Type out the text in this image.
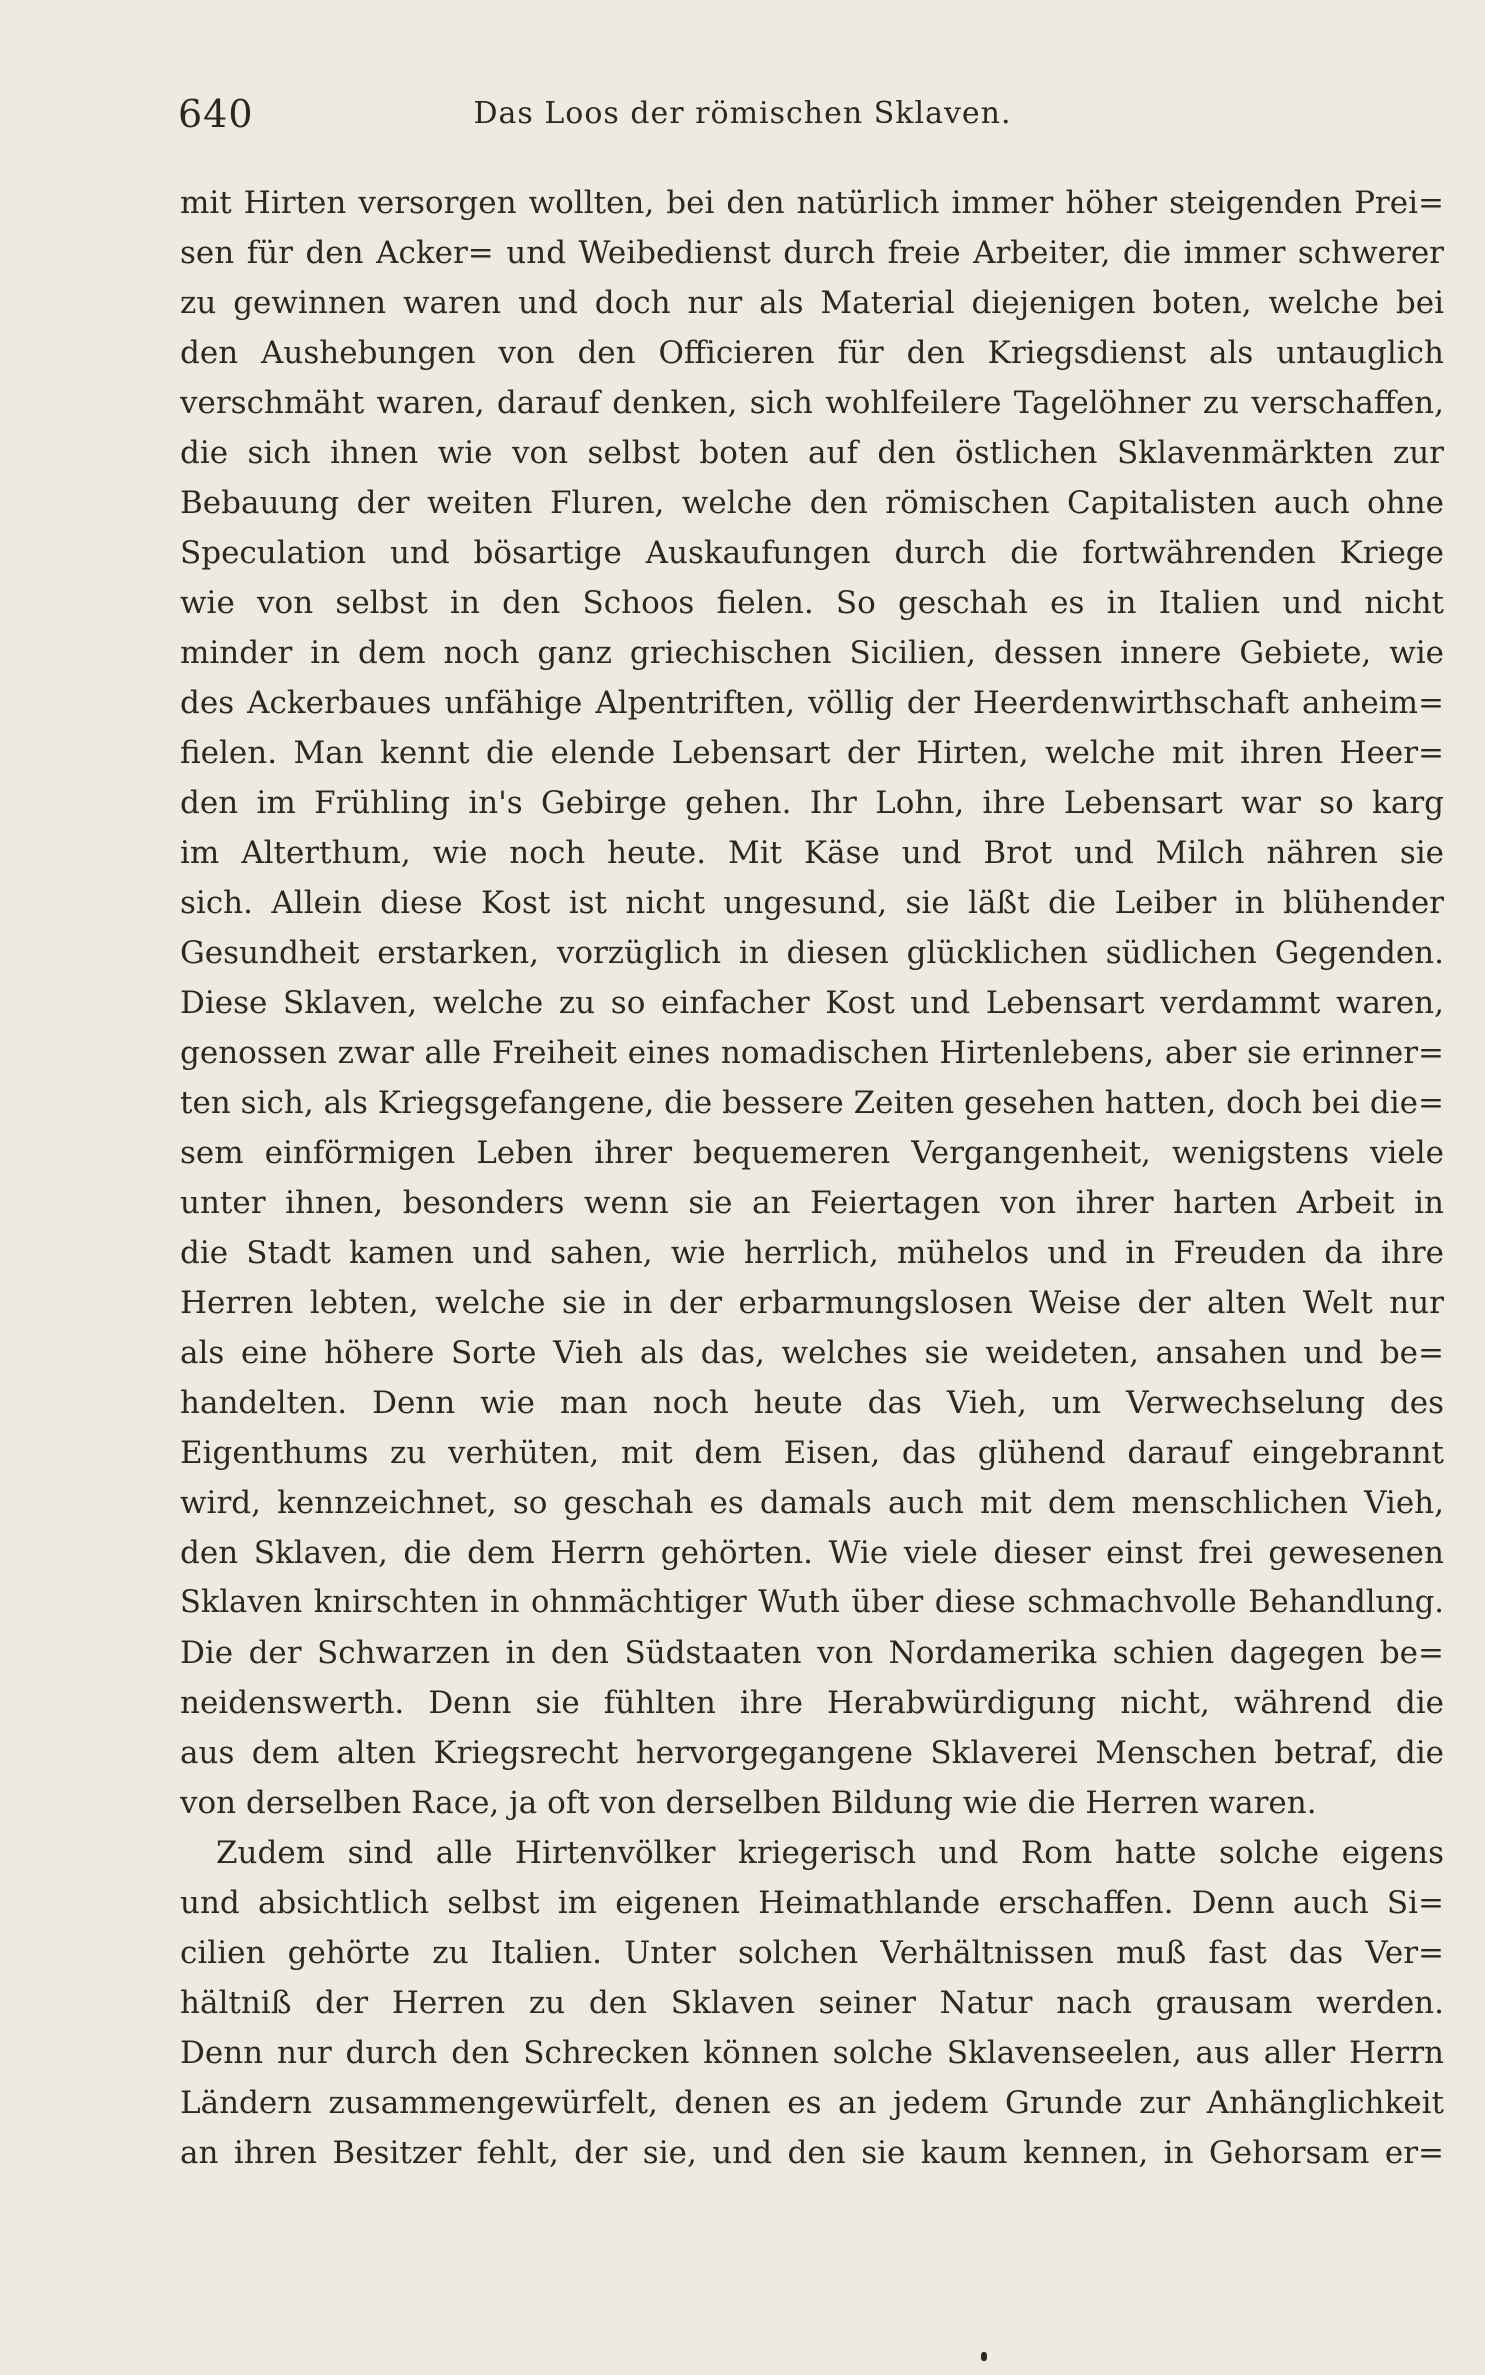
640	Das Loos der römischen Sklaven.
mit Hirten versorgen wollten, bei den natürlich immer höher steigenden Prei=
sen für den Acker= und Weibedienst durch freie Arbeiter, die immer schwerer
zu gewinnen waren und doch nur als Material diejenigen boten, welche bei
den Aushebungen von den Officieren für den Kriegsdienst als untauglich
verschmäht waren, darauf denken, sich wohlfeilere Tagelöhner zu verschaffen,
die sich ihnen wie von selbst boten auf den östlichen Sklavenmärkten zur
Bebauung der weiten Fluren, welche den römischen Capitalisten auch ohne
Speculation und bösartige Auskaufungen durch die fortwährenden Kriege
wie von selbst in den Schoos fielen. So geschah es in Italien und nicht
minder in dem noch ganz griechischen Sicilien, dessen innere Gebiete, wie
des Ackerbaues unfähige Alpentriften, völlig der Heerdenwirthschaft anheim=
fielen. Man kennt die elende Lebensart der Hirten, welche mit ihren Heer=
den im Frühling in's Gebirge gehen. Ihr Lohn, ihre Lebensart war so karg
im Alterthum, wie noch heute. Mit Käse und Brot und Milch nähren sie
sich. Allein diese Kost ist nicht ungesund, sie läßt die Leiber in blühender
Gesundheit erstarken, vorzüglich in diesen glücklichen südlichen Gegenden.
Diese Sklaven, welche zu so einfacher Kost und Lebensart verdammt waren,
genossen zwar alle Freiheit eines nomadischen Hirtenlebens, aber sie erinner=
ten sich, als Kriegsgefangene, die bessere Zeiten gesehen hatten, doch bei die=
sem einförmigen Leben ihrer bequemeren Vergangenheit, wenigstens viele
unter ihnen, besonders wenn sie an Feiertagen von ihrer harten Arbeit in
die Stadt kamen und sahen, wie herrlich, mühelos und in Freuden da ihre
Herren lebten, welche sie in der erbarmungslosen Weise der alten Welt nur
als eine höhere Sorte Vieh als das, welches sie weideten, ansahen und be=
handelten. Denn wie man noch heute das Vieh, um Verwechselung des
Eigenthums zu verhüten, mit dem Eisen, das glühend darauf eingebrannt
wird, kennzeichnet, so geschah es damals auch mit dem menschlichen Vieh,
den Sklaven, die dem Herrn gehörten. Wie viele dieser einst frei gewesenen
Sklaven knirschten in ohnmächtiger Wuth über diese schmachvolle Behandlung.
Die der Schwarzen in den Südstaaten von Nordamerika schien dagegen be=
neidenswerth. Denn sie fühlten ihre Herabwürdigung nicht, während die
aus dem alten Kriegsrecht hervorgegangene Sklaverei Menschen betraf, die
von derselben Race, ja oft von derselben Bildung wie die Herren waren.
Zudem sind alle Hirtenvölker kriegerisch und Rom hatte solche eigens
und absichtlich selbst im eigenen Heimathlande erschaffen. Denn auch Si=
cilien gehörte zu Italien. Unter solchen Verhältnissen muß fast das Ver=
hältniß der Herren zu den Sklaven seiner Natur nach grausam werden.
Denn nur durch den Schrecken können solche Sklavenseelen, aus aller Herrn
Ländern zusammengewürfelt, denen es an jedem Grunde zur Anhänglichkeit
an ihren Besitzer fehlt, der sie, und den sie kaum kennen, in Gehorsam er=
